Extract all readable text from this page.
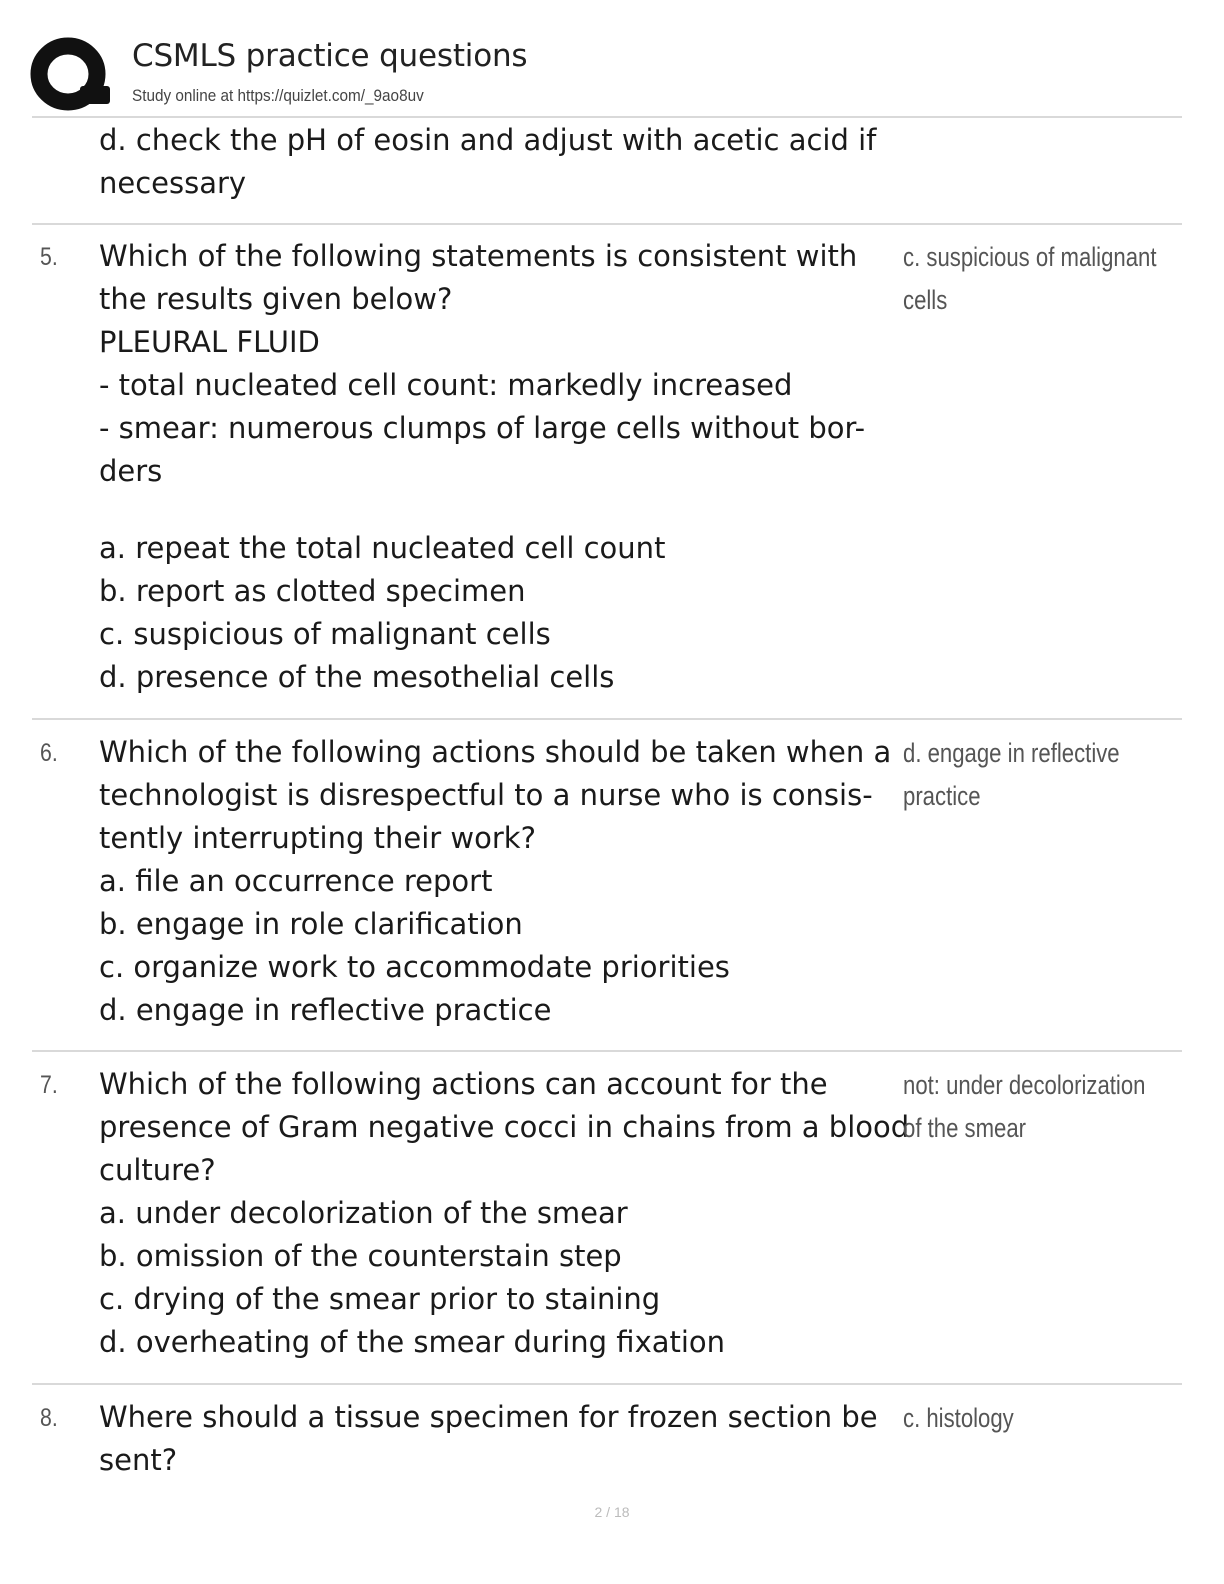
CSMLS practice questions
Study online at https://quizlet.com/_9ao8uv
d. check the pH of eosin and adjust with acetic acid if
necessary
5. Which of the following statements is consistent with
the results given below?
PLEURAL FLUID
- total nucleated cell count: markedly increased
- smear: numerous clumps of large cells without bor-
ders
a. repeat the total nucleated cell count
b. report as clotted specimen
c. suspicious of malignant cells
d. presence of the mesothelial cells
c. suspicious of malignant
cells
6. Which of the following actions should be taken when a
technologist is disrespectful to a nurse who is consis-
tently interrupting their work?
a. file an occurrence report
b. engage in role clarification
c. organize work to accommodate priorities
d. engage in reflective practice
d. engage in reflective
practice
7. Which of the following actions can account for the
presence of Gram negative cocci in chains from a blood
culture?
a. under decolorization of the smear
b. omission of the counterstain step
c. drying of the smear prior to staining
d. overheating of the smear during fixation
not: under decolorization
of the smear
8. Where should a tissue specimen for frozen section be
sent?
c. histology
2 / 18
